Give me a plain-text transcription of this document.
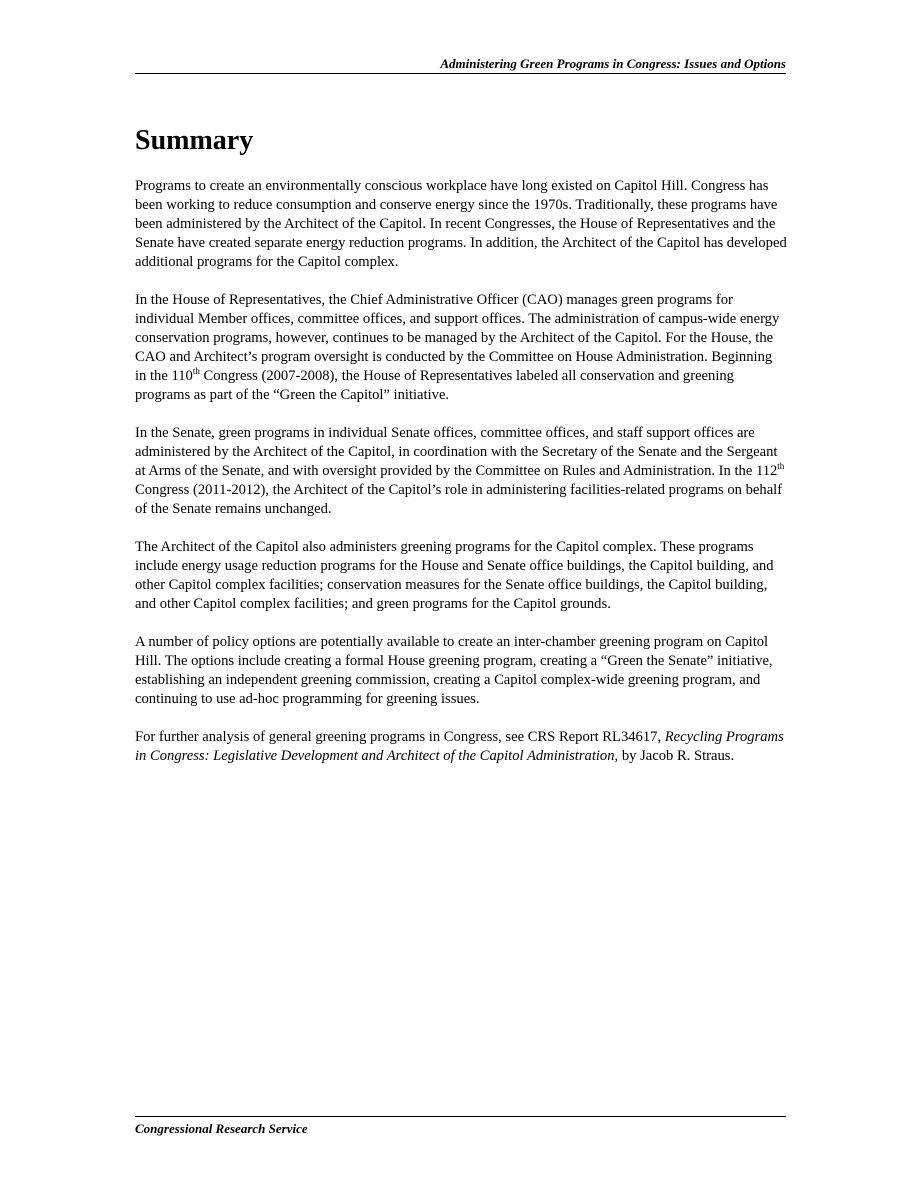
Administering Green Programs in Congress: Issues and Options
Summary

Programs to create an environmentally conscious workplace have long existed on Capitol Hill. Congress has been working to reduce consumption and conserve energy since the 1970s. Traditionally, these programs have been administered by the Architect of the Capitol. In recent Congresses, the House of Representatives and the Senate have created separate energy reduction programs. In addition, the Architect of the Capitol has developed additional programs for the Capitol complex.

In the House of Representatives, the Chief Administrative Officer (CAO) manages green programs for individual Member offices, committee offices, and support offices. The administration of campus-wide energy conservation programs, however, continues to be managed by the Architect of the Capitol. For the House, the CAO and Architect’s program oversight is conducted by the Committee on House Administration. Beginning in the 110th Congress (2007-2008), the House of Representatives labeled all conservation and greening programs as part of the “Green the Capitol” initiative.

In the Senate, green programs in individual Senate offices, committee offices, and staff support offices are administered by the Architect of the Capitol, in coordination with the Secretary of the Senate and the Sergeant at Arms of the Senate, and with oversight provided by the Committee on Rules and Administration. In the 112th Congress (2011-2012), the Architect of the Capitol’s role in administering facilities-related programs on behalf of the Senate remains unchanged.

The Architect of the Capitol also administers greening programs for the Capitol complex. These programs include energy usage reduction programs for the House and Senate office buildings, the Capitol building, and other Capitol complex facilities; conservation measures for the Senate office buildings, the Capitol building, and other Capitol complex facilities; and green programs for the Capitol grounds.

A number of policy options are potentially available to create an inter-chamber greening program on Capitol Hill. The options include creating a formal House greening program, creating a “Green the Senate” initiative, establishing an independent greening commission, creating a Capitol complex-wide greening program, and continuing to use ad-hoc programming for greening issues.

For further analysis of general greening programs in Congress, see CRS Report RL34617, Recycling Programs in Congress: Legislative Development and Architect of the Capitol Administration, by Jacob R. Straus.

Congressional Research Service
